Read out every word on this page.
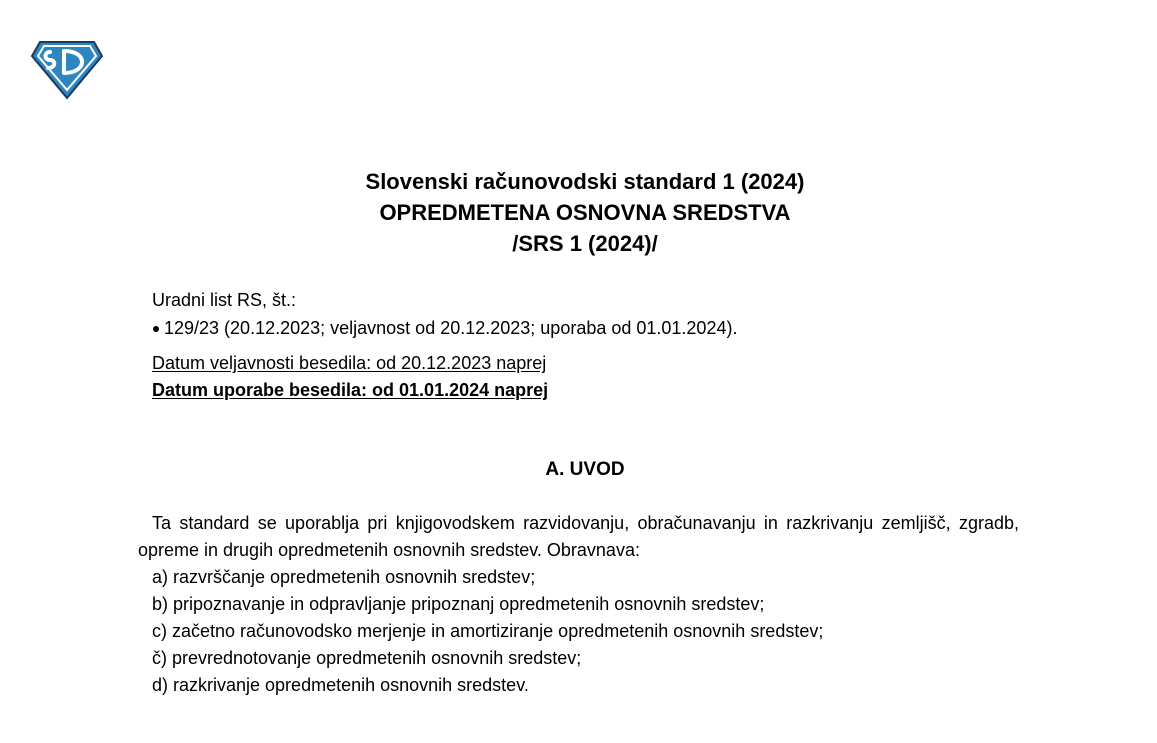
Slovenski računovodski standard 1 (2024)
OPREDMETENA OSNOVNA SREDSTVA
/SRS 1 (2024)/
Uradni list RS, št.:
129/23 (20.12.2023; veljavnost od 20.12.2023; uporaba od 01.01.2024).
Datum veljavnosti besedila: od 20.12.2023 naprej
Datum uporabe besedila: od 01.01.2024 naprej
A. UVOD

Ta standard se uporablja pri knjigovodskem razvidovanju, obračunavanju in razkrivanju zemljišč, zgradb, opreme in drugih opredmetenih osnovnih sredstev. Obravnava:

a) razvrščanje opredmetenih osnovnih sredstev;

b) pripoznavanje in odpravljanje pripoznanj opredmetenih osnovnih sredstev;

c) začetno računovodsko merjenje in amortiziranje opredmetenih osnovnih sredstev;

č) prevrednotovanje opredmetenih osnovnih sredstev;

d) razkrivanje opredmetenih osnovnih sredstev.
